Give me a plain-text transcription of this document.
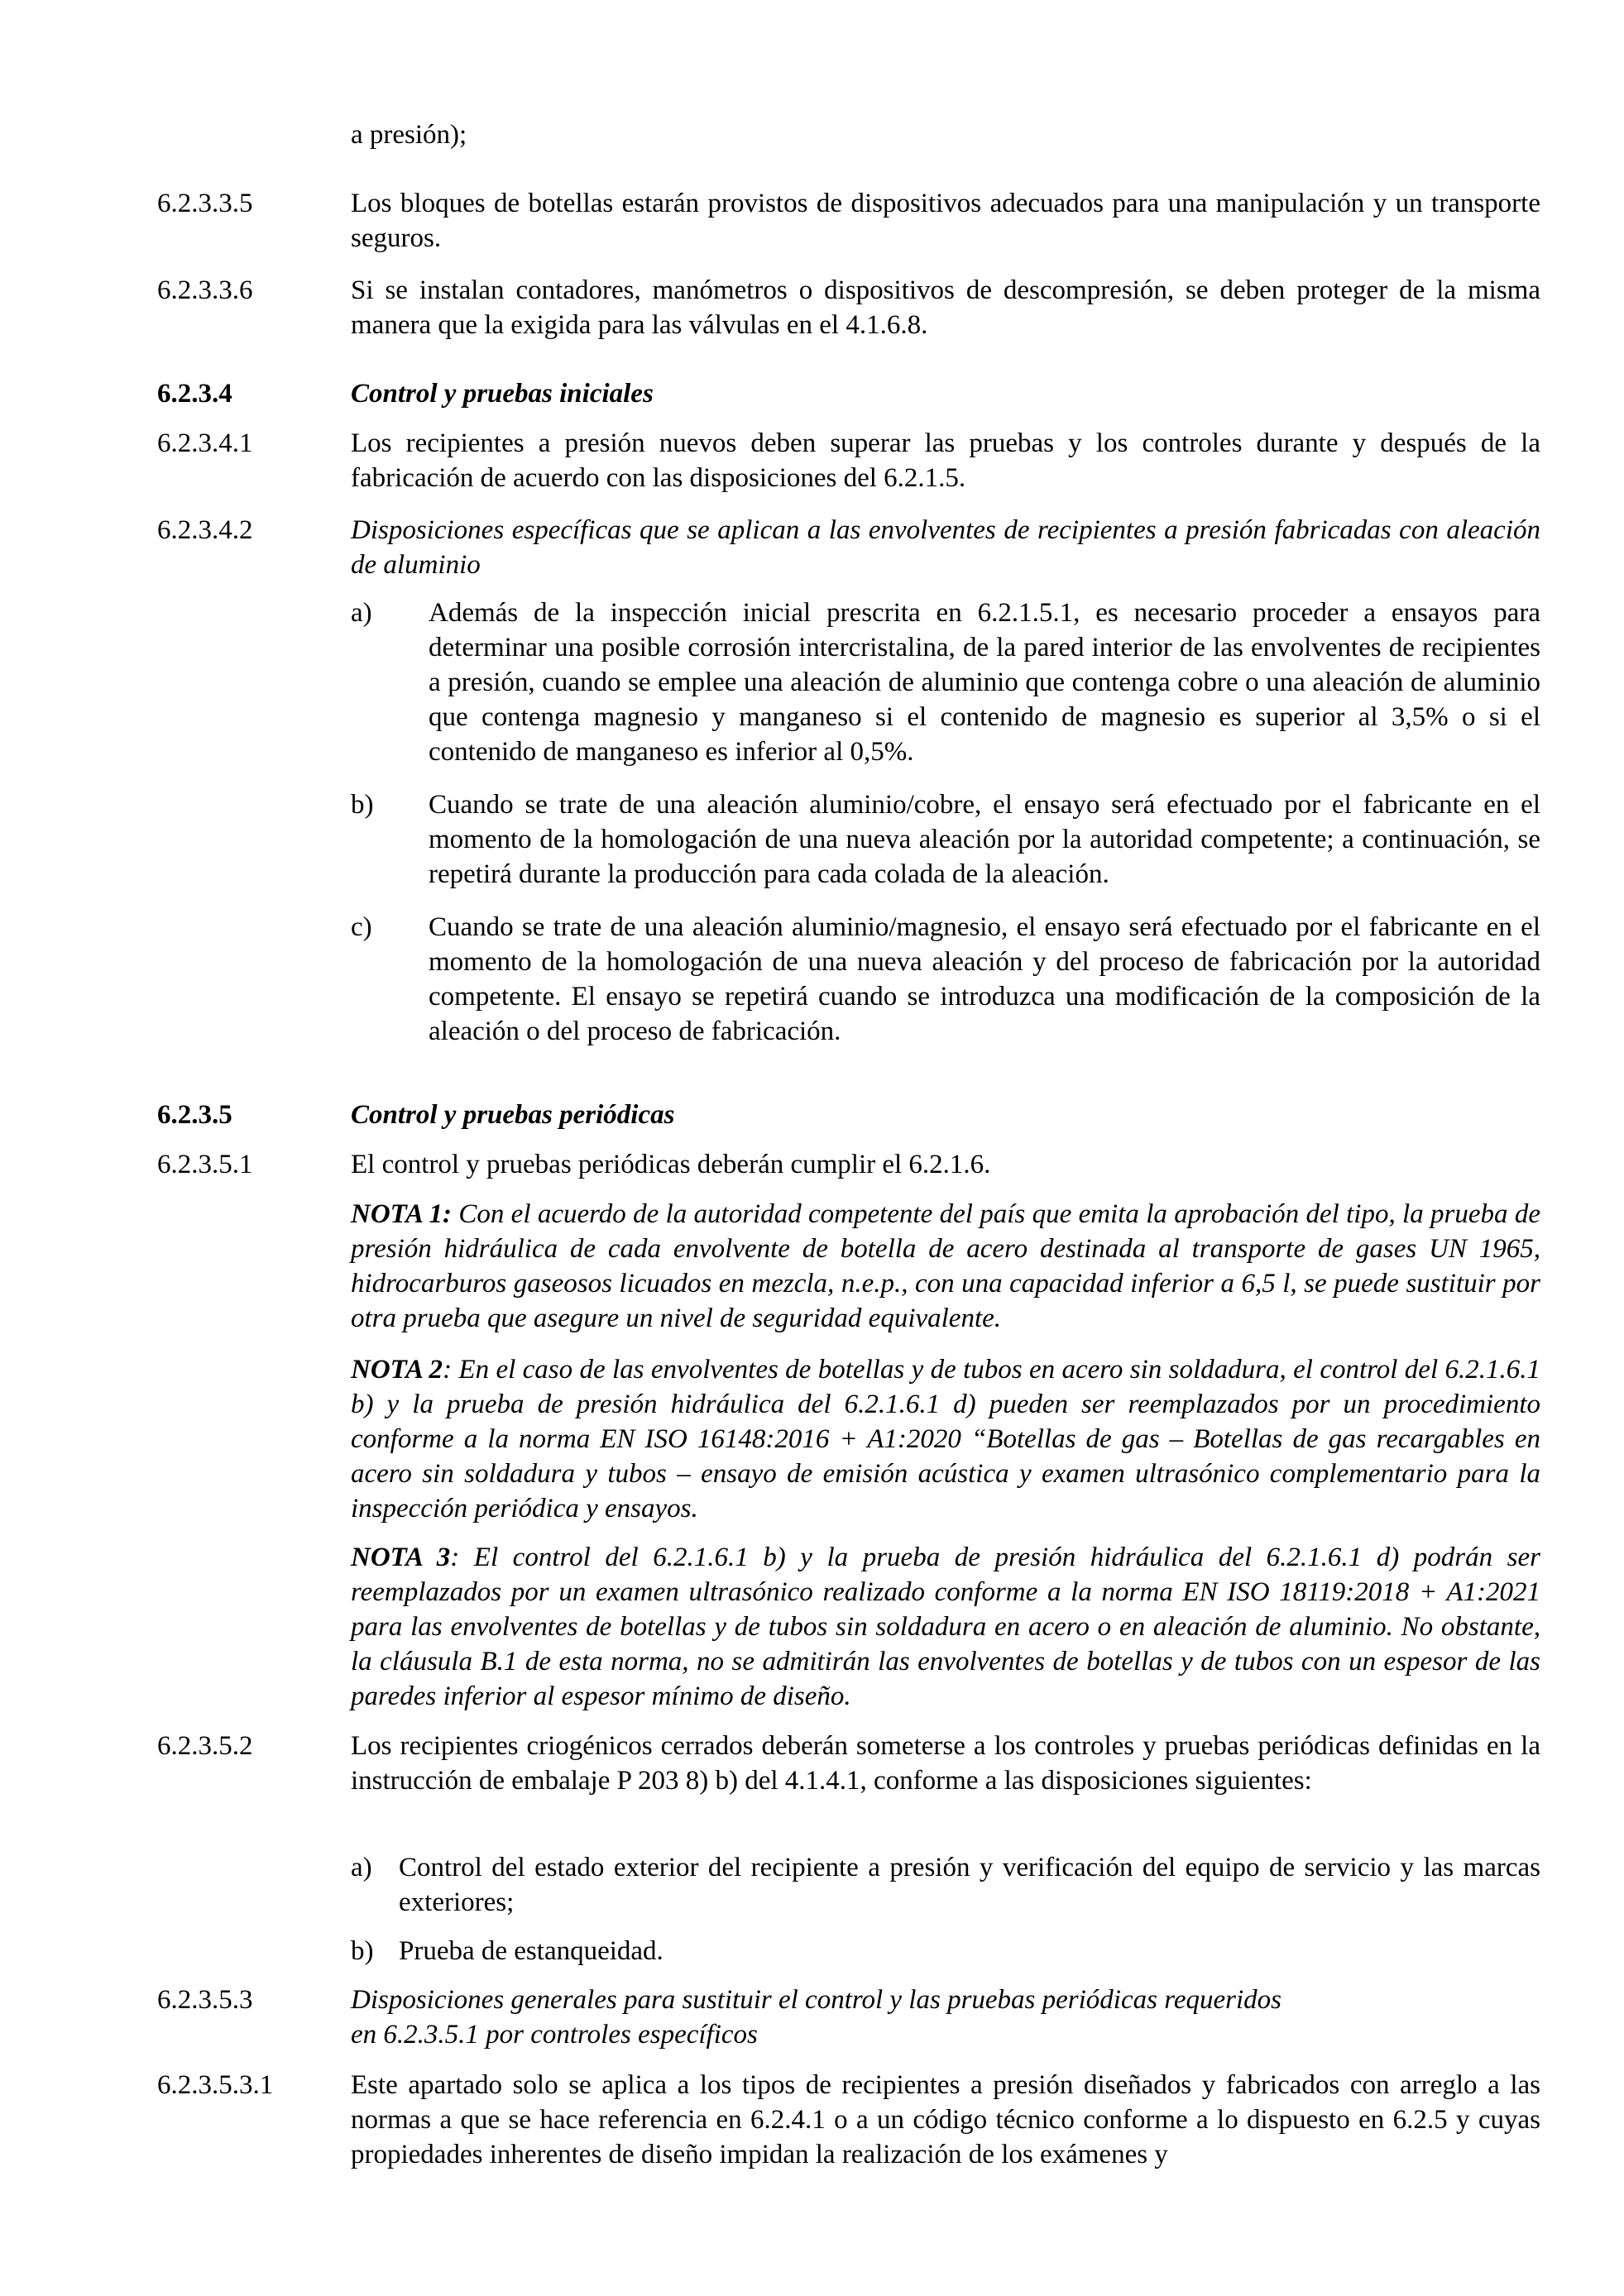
a presión);
6.2.3.3.5	Los bloques de botellas estarán provistos de dispositivos adecuados para una manipulación y un transporte seguros.
6.2.3.3.6	Si se instalan contadores, manómetros o dispositivos de descompresión, se deben proteger de la misma manera que la exigida para las válvulas en el 4.1.6.8.
6.2.3.4	Control y pruebas iniciales
6.2.3.4.1	Los recipientes a presión nuevos deben superar las pruebas y los controles durante y después de la fabricación de acuerdo con las disposiciones del 6.2.1.5.
6.2.3.4.2	Disposiciones específicas que se aplican a las envolventes de recipientes a presión fabricadas con aleación de aluminio
a) Además de la inspección inicial prescrita en 6.2.1.5.1, es necesario proceder a ensayos para determinar una posible corrosión intercristalina, de la pared interior de las envolventes de recipientes a presión, cuando se emplee una aleación de aluminio que contenga cobre o una aleación de aluminio que contenga magnesio y manganeso si el contenido de magnesio es superior al 3,5% o si el contenido de manganeso es inferior al 0,5%.
b) Cuando se trate de una aleación aluminio/cobre, el ensayo será efectuado por el fabricante en el momento de la homologación de una nueva aleación por la autoridad competente; a continuación, se repetirá durante la producción para cada colada de la aleación.
c) Cuando se trate de una aleación aluminio/magnesio, el ensayo será efectuado por el fabricante en el momento de la homologación de una nueva aleación y del proceso de fabricación por la autoridad competente. El ensayo se repetirá cuando se introduzca una modificación de la composición de la aleación o del proceso de fabricación.
6.2.3.5	Control y pruebas periódicas
6.2.3.5.1	El control y pruebas periódicas deberán cumplir el 6.2.1.6.
NOTA 1: Con el acuerdo de la autoridad competente del país que emita la aprobación del tipo, la prueba de presión hidráulica de cada envolvente de botella de acero destinada al transporte de gases UN 1965, hidrocarburos gaseosos licuados en mezcla, n.e.p., con una capacidad inferior a 6,5 l, se puede sustituir por otra prueba que asegure un nivel de seguridad equivalente.
NOTA 2: En el caso de las envolventes de botellas y de tubos en acero sin soldadura, el control del 6.2.1.6.1 b) y la prueba de presión hidráulica del 6.2.1.6.1 d) pueden ser reemplazados por un procedimiento conforme a la norma EN ISO 16148:2016 + A1:2020 “Botellas de gas – Botellas de gas recargables en acero sin soldadura y tubos – ensayo de emisión acústica y examen ultrasónico complementario para la inspección periódica y ensayos.
NOTA 3: El control del 6.2.1.6.1 b) y la prueba de presión hidráulica del 6.2.1.6.1 d) podrán ser reemplazados por un examen ultrasónico realizado conforme a la norma EN ISO 18119:2018 + A1:2021 para las envolventes de botellas y de tubos sin soldadura en acero o en aleación de aluminio. No obstante, la cláusula B.1 de esta norma, no se admitirán las envolventes de botellas y de tubos con un espesor de las paredes inferior al espesor mínimo de diseño.
6.2.3.5.2	Los recipientes criogénicos cerrados deberán someterse a los controles y pruebas periódicas definidas en la instrucción de embalaje P 203 8) b) del 4.1.4.1, conforme a las disposiciones siguientes:
a) Control del estado exterior del recipiente a presión y verificación del equipo de servicio y las marcas exteriores;
b) Prueba de estanqueidad.
6.2.3.5.3	Disposiciones generales para sustituir el control y las pruebas periódicas requeridos
en 6.2.3.5.1 por controles específicos
6.2.3.5.3.1	Este apartado solo se aplica a los tipos de recipientes a presión diseñados y fabricados con arreglo a las normas a que se hace referencia en 6.2.4.1 o a un código técnico conforme a lo dispuesto en 6.2.5 y cuyas propiedades inherentes de diseño impidan la realización de los exámenes y
